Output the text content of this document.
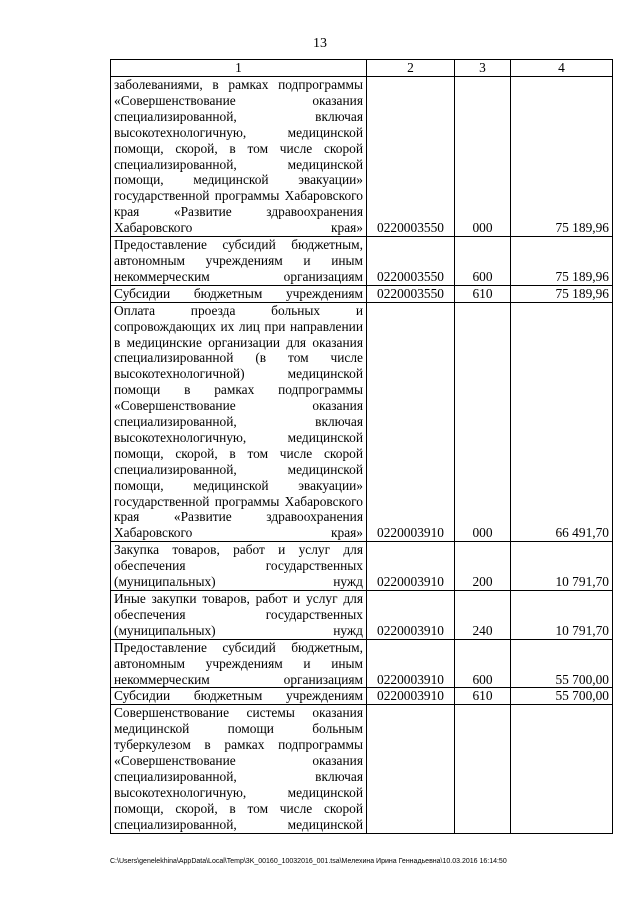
13
1	2	3	4
заболеваниями, в рамках подпрограммы «Совершенствование оказания специализированной, включая высокотехнологичную, медицинской помощи, скорой, в том числе скорой специализированной, медицинской помощи, медицинской эвакуации» государственной программы Хабаровского края «Развитие здравоохранения Хабаровского края»	0220003550	000	75 189,96
Предоставление субсидий бюджетным, автономным учреждениям и иным некоммерческим организациям	0220003550	600	75 189,96
Субсидии бюджетным учреждениям	0220003550	610	75 189,96
Оплата проезда больных и сопровождающих их лиц при направлении в медицинские организации для оказания специализированной (в том числе высокотехнологичной) медицинской помощи в рамках подпрограммы «Совершенствование оказания специализированной, включая высокотехнологичную, медицинской помощи, скорой, в том числе скорой специализированной, медицинской помощи, медицинской эвакуации» государственной программы Хабаровского края «Развитие здравоохранения Хабаровского края»	0220003910	000	66 491,70
Закупка товаров, работ и услуг для обеспечения государственных (муниципальных) нужд	0220003910	200	10 791,70
Иные закупки товаров, работ и услуг для обеспечения государственных (муниципальных) нужд	0220003910	240	10 791,70
Предоставление субсидий бюджетным, автономным учреждениям и иным некоммерческим организациям	0220003910	600	55 700,00
Субсидии бюджетным учреждениям	0220003910	610	55 700,00
Совершенствование системы оказания медицинской помощи больным туберкулезом в рамках подпрограммы «Совершенствование оказания специализированной, включая высокотехнологичную, медицинской помощи, скорой, в том числе скорой специализированной, медицинской			
C:\Users\genelekhina\AppData\Local\Temp\3K_00160_10032016_001.tsa\Мелехина Ирина Геннадьевна\10.03.2016 16:14:50
